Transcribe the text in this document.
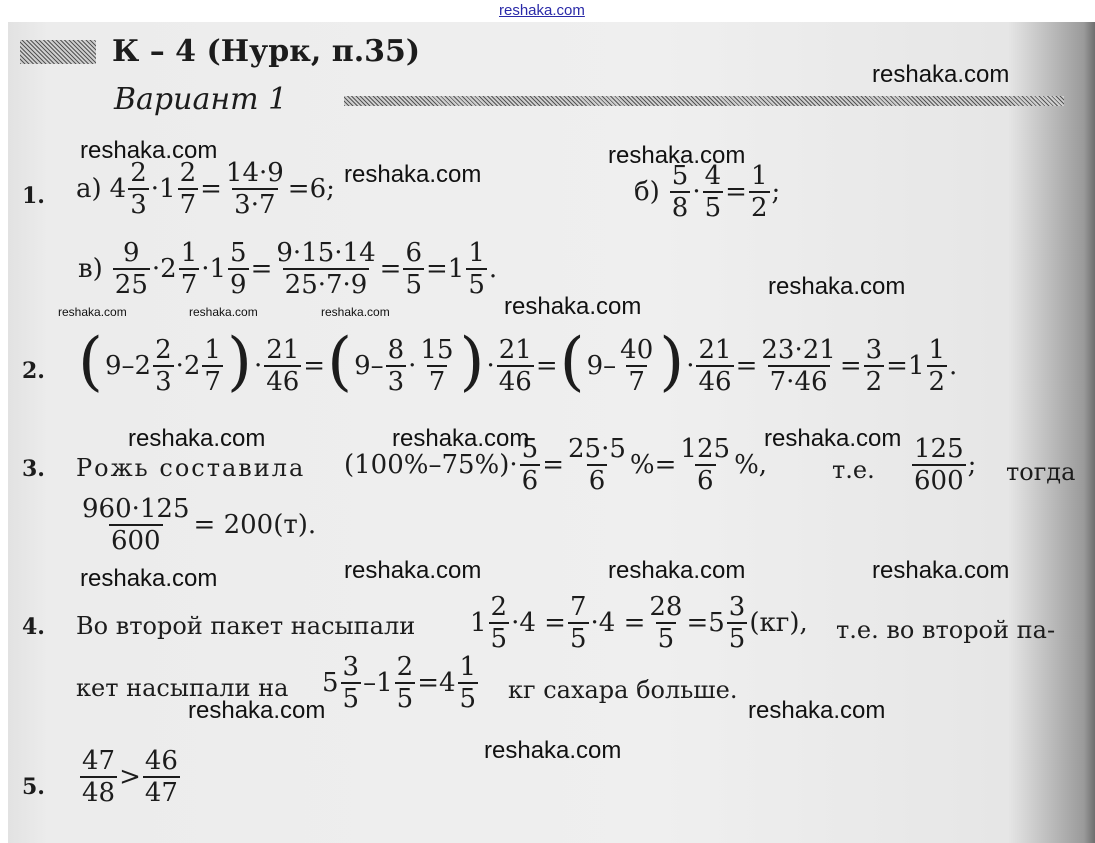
reshaka.com
К – 4 (Нурк, п.35)
Вариант 1
1. а) $4 \frac{2}{3} \cdot 1 \frac{2}{7} = \frac{14\cdot 9}{3\cdot 7} = 6$;	$б) \frac{5}{8} \cdot \frac{4}{5} = \frac{1}{2}$ ;
$в) \frac{9}{25} \cdot 2 \frac{1}{7} \cdot 1 \frac{5}{9} = \frac{9\cdot 15\cdot 14}{25\cdot 7\cdot 9} = \frac{6}{5} = 1 \frac{1}{5}$ .
2. ( $9 - 2 \frac{2}{3} \cdot 2 \frac{1}{7}$ ) · $\frac{21}{46}$ = ( $9 - \frac{8}{3} \cdot \frac{15}{7}$ ) · $\frac{21}{46}$ = ( $9 - \frac{40}{7}$ ) · $\frac{21}{46} = \frac{23\cdot 21}{7\cdot 46} = \frac{3}{2} = 1 \frac{1}{2}$ .
3. Рожь составила $(100\%-75\%)\cdot \frac{5}{6} = \frac{25\cdot 5}{6}$ % = $\frac{125}{6}$ %,	т.е. $\frac{125}{600}$ ; тогда
$\frac{960\cdot 125}{600} = 200(т)$.
4. Во второй пакет насыпали $1 \frac{2}{5} \cdot 4 = \frac{7}{5} \cdot 4 = \frac{28}{5} = 5 \frac{3}{5} (кг)$, т.е. во второй па-
кет насыпали на $5 \frac{3}{5} - 1 \frac{2}{5} = 4 \frac{1}{5}$ кг сахара больше.
5. $\frac{47}{48} > \frac{46}{47}$
reshaka.com
reshaka.com	reshaka.com
reshaka.com
reshaka.com
reshaka.com
reshaka.com	reshaka.com	reshaka.com
reshaka.com	reshaka.com	reshaka.com
reshaka.com	reshaka.com	reshaka.com	reshaka.com
reshaka.com	reshaka.com
reshaka.com
